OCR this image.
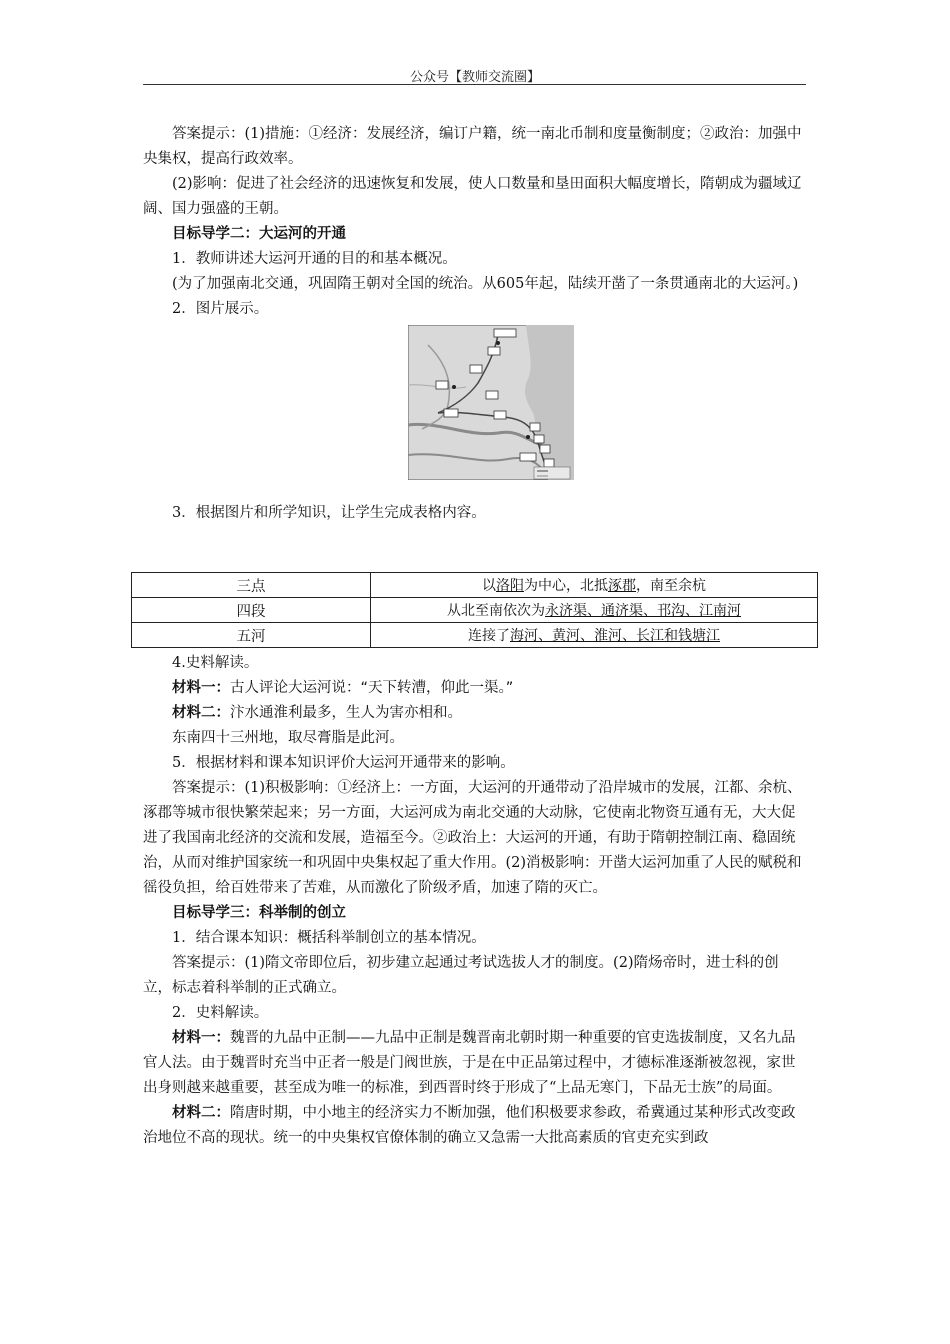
公众号【教师交流圈】

答案提示：(1)措施：①经济：发展经济，编订户籍，统一南北币制和度量衡制度；②政治：加强中央集权，提高行政效率。

(2)影响：促进了社会经济的迅速恢复和发展，使人口数量和垦田面积大幅度增长，隋朝成为疆域辽阔、国力强盛的王朝。

目标导学二：大运河的开通

1．教师讲述大运河开通的目的和基本概况。

(为了加强南北交通，巩固隋王朝对全国的统治。从605年起，陆续开凿了一条贯通南北的大运河。)

2．图片展示。

3．根据图片和所学知识，让学生完成表格内容。

三点	以洛阳为中心，北抵涿郡，南至余杭
四段	从北至南依次为永济渠、通济渠、邗沟、江南河
五河	连接了海河、黄河、淮河、长江和钱塘江

4.史料解读。

材料一：古人评论大运河说：“天下转漕，仰此一渠。”

材料二：汴水通淮利最多，生人为害亦相和。

东南四十三州地，取尽膏脂是此河。

5．根据材料和课本知识评价大运河开通带来的影响。

答案提示：(1)积极影响：①经济上：一方面，大运河的开通带动了沿岸城市的发展，江都、余杭、涿郡等城市很快繁荣起来；另一方面，大运河成为南北交通的大动脉，它使南北物资互通有无，大大促进了我国南北经济的交流和发展，造福至今。②政治上：大运河的开通，有助于隋朝控制江南、稳固统治，从而对维护国家统一和巩固中央集权起了重大作用。(2)消极影响：开凿大运河加重了人民的赋税和徭役负担，给百姓带来了苦难，从而激化了阶级矛盾，加速了隋的灭亡。

目标导学三：科举制的创立

1．结合课本知识：概括科举制创立的基本情况。

答案提示：(1)隋文帝即位后，初步建立起通过考试选拔人才的制度。(2)隋炀帝时，进士科的创立，标志着科举制的正式确立。

2．史料解读。

材料一：魏晋的九品中正制——九品中正制是魏晋南北朝时期一种重要的官吏选拔制度，又名九品官人法。由于魏晋时充当中正者一般是门阀世族，于是在中正品第过程中，才德标准逐渐被忽视，家世出身则越来越重要，甚至成为唯一的标准，到西晋时终于形成了“上品无寒门，下品无士族”的局面。

材料二：隋唐时期，中小地主的经济实力不断加强，他们积极要求参政，希冀通过某种形式改变政治地位不高的现状。统一的中央集权官僚体制的确立又急需一大批高素质的官吏充实到政
